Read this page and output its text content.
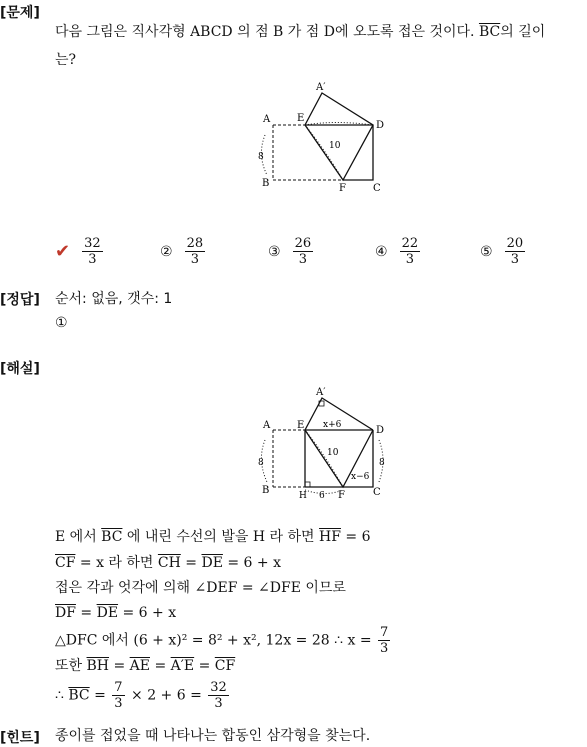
[문제]
다음 그림은 직사각형 ABCD 의 점 B 가 점 D에 오도록 접은 것이다. $\overline{BC}$의 길이
는?
A	E
A′
D
B	F	C
10
8
✔ $\frac{32}{3}$	② $\frac{28}{3}$	③ $\frac{26}{3}$	④ $\frac{22}{3}$	⑤ $\frac{20}{3}$
[정답] 순서: 없음, 갯수: 1
①
[해설]
A	E
A′
D
B	F	C
H
10
8	8
6
x+6
x−6
E 에서 $\overline{BC}$ 에 내린 수선의 발을 H 라 하면 $\overline{HF} = 6$
$\overline{CF} = x$ 라 하면 $\overline{CH} = \overline{DE} = 6 + x$
접은 각과 엇각에 의해 ∠DEF = ∠DFE 이므로
$\overline{DF} = \overline{DE} = 6 + x$
△DFC 에서 (6 + x)² = 8² + x², 12x = 28 ∴ $x = \frac{7}{3}$
또한 $\overline{BH} = \overline{AE} = A'E = \overline{CF}$
∴ $\overline{BC} = \frac{7}{3} \times 2 + 6 = \frac{32}{3}$
[힌트] 종이를 접었을 때 나타나는 합동인 삼각형을 찾는다.
